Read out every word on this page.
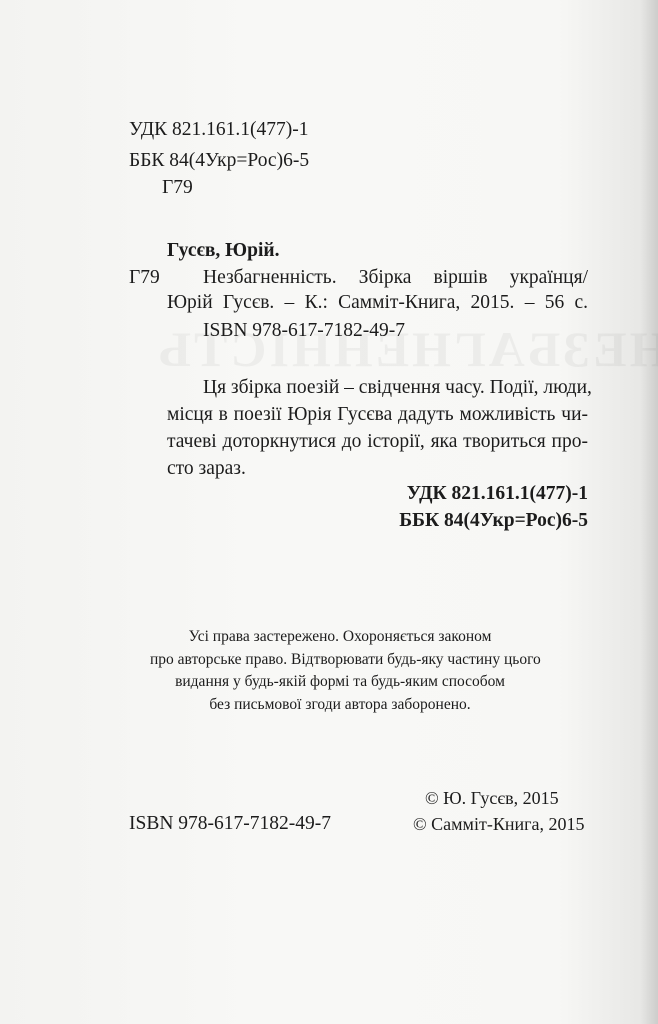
УДК 821.161.1(477)-1
ББК 84(4Укр=Рос)6-5
Г79
Гусєв, Юрій.
Г79 Незбагненність. Збірка віршів українця/
Юрій Гусєв. – К.: Самміт-Книга, 2015. – 56 с.
ISBN 978-617-7182-49-7
Ця збірка поезій – свідчення часу. Події, люди,
місця в поезії Юрія Гусєва дадуть можливість чи-
тачеві доторкнутися до історії, яка твориться про-
сто зараз.
УДК 821.161.1(477)-1
ББК 84(4Укр=Рос)6-5
Усі права застережено. Охороняється законом
про авторське право. Відтворювати будь-яку частину цього
видання у будь-якій формі та будь-яким способом
без письмової згоди автора заборонено.
© Ю. Гусєв, 2015
ISBN 978-617-7182-49-7	© Самміт-Книга, 2015
